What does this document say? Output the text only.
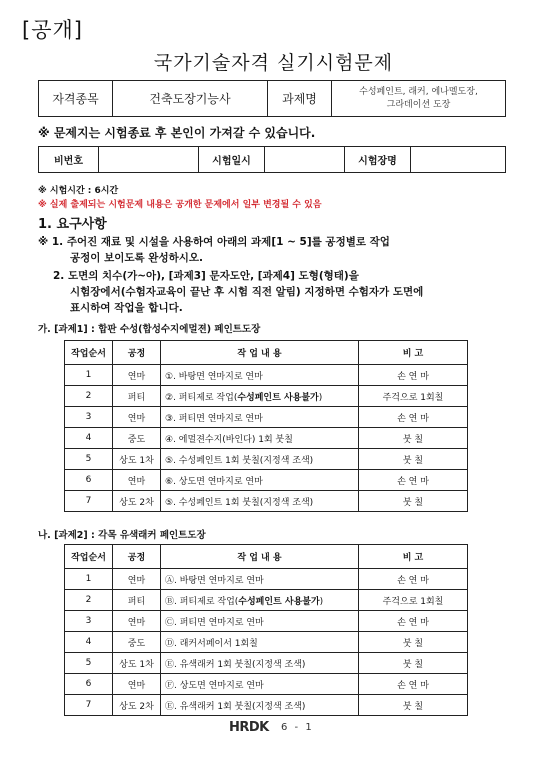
[공개]
국가기술자격 실기시험문제
자격종목	건축도장기능사	과제명	
수성페인트, 래커, 에나멜도장,
그라데이션 도장
※ 문제지는 시험종료 후 본인이 가져갈 수 있습니다.
비번호		시험일시		시험장명	
※ 시험시간 : 6시간
※ 실제 출제되는 시험문제 내용은 공개한 문제에서 일부 변경될 수 있음
1. 요구사항
※ 1. 주어진 재료 및 시설을 사용하여 아래의 과제[1 ~ 5]를 공정별로 작업
공정이 보이도록 완성하시오.
2. 도면의 치수(가~아), [과제3] 문자도안, [과제4] 도형(형태)을
시험장에서(수험자교육이 끝난 후 시험 직전 알림) 지정하면 수험자가 도면에
표시하여 작업을 합니다.
가. [과제1] : 합판 수성(합성수지에멀젼) 페인트도장
작업순서	공정	작 업 내 용	비 고
1	연마	①. 바탕면 연마지로 연마	손 연 마
2	퍼티	②. 퍼티제로 작업(수성페인트 사용불가)	주걱으로 1회칠
3	연마	③. 퍼티면 연마지로 연마	손 연 마
4	중도	④. 에멀젼수지(바인다) 1회 붓칠	붓 칠
5	상도 1차	⑤. 수성페인트 1회 붓칠(지정색 조색)	붓 칠
6	연마	⑥. 상도면 연마지로 연마	손 연 마
7	상도 2차	⑤. 수성페인트 1회 붓칠(지정색 조색)	붓 칠
나. [과제2] : 각목 유색래커 페인트도장
작업순서	공정	작 업 내 용	비 고
1	연마	Ⓐ. 바탕면 연마지로 연마	손 연 마
2	퍼티	Ⓑ. 퍼티제로 작업(수성페인트 사용불가)	주걱으로 1회칠
3	연마	Ⓒ. 퍼티면 연마지로 연마	손 연 마
4	중도	Ⓓ. 래커서페이서 1회칠	붓 칠
5	상도 1차	Ⓔ. 유색래커 1회 붓칠(지정색 조색)	붓 칠
6	연마	Ⓕ. 상도면 연마지로 연마	손 연 마
7	상도 2차	Ⓔ. 유색래커 1회 붓칠(지정색 조색)	붓 칠
HRDK 6 - 1
